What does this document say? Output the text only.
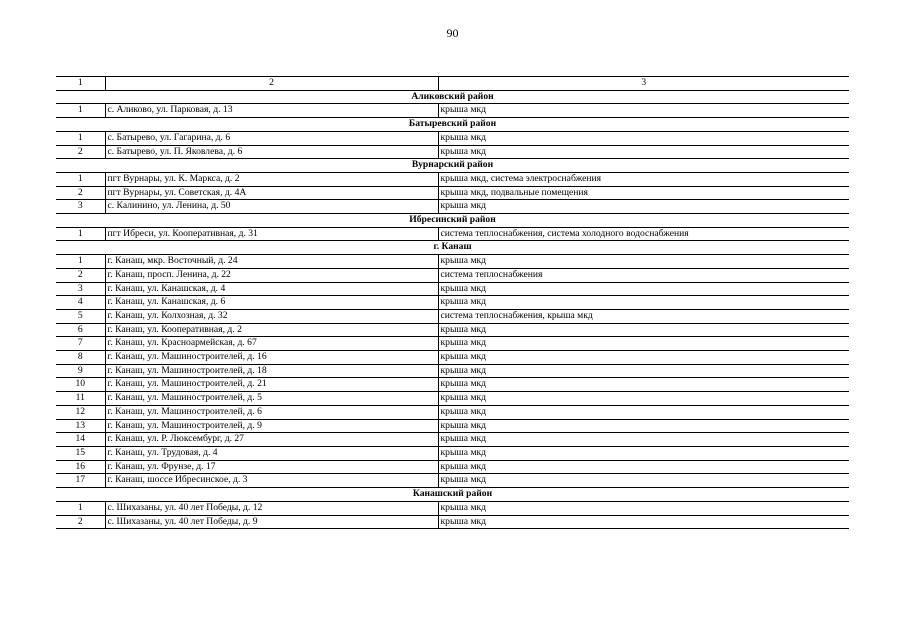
90
1	2	3
Аликовский район		
1	с. Аликово, ул. Парковая, д. 13	крыша мкд
Батыревский район		
1	с. Батырево, ул. Гагарина, д. 6	крыша мкд
2	с. Батырево, ул. П. Яковлева, д. 6	крыша мкд
Вурнарский район		
1	пгт Вурнары, ул. К. Маркса, д. 2	крыша мкд, система электроснабжения
2	пгт Вурнары, ул. Советская, д. 4А	крыша мкд, подвальные помещения
3	с. Калинино, ул. Ленина, д. 50	крыша мкд
Ибресинский район		
1	пгт Ибреси, ул. Кооперативная, д. 31	система теплоснабжения, система холодного водоснабжения
г. Канаш		
1	г. Канаш, мкр. Восточный, д. 24	крыша мкд
2	г. Канаш, просп. Ленина, д. 22	система теплоснабжения
3	г. Канаш, ул. Канашская, д. 4	крыша мкд
4	г. Канаш, ул. Канашская, д. 6	крыша мкд
5	г. Канаш, ул. Колхозная, д. 32	система теплоснабжения, крыша мкд
6	г. Канаш, ул. Кооперативная, д. 2	крыша мкд
7	г. Канаш, ул. Красноармейская, д. 67	крыша мкд
8	г. Канаш, ул. Машиностроителей, д. 16	крыша мкд
9	г. Канаш, ул. Машиностроителей, д. 18	крыша мкд
10	г. Канаш, ул. Машиностроителей, д. 21	крыша мкд
11	г. Канаш, ул. Машиностроителей, д. 5	крыша мкд
12	г. Канаш, ул. Машиностроителей, д. 6	крыша мкд
13	г. Канаш, ул. Машиностроителей, д. 9	крыша мкд
14	г. Канаш, ул. Р. Люксембург, д. 27	крыша мкд
15	г. Канаш, ул. Трудовая, д. 4	крыша мкд
16	г. Канаш, ул. Фрунзе, д. 17	крыша мкд
17	г. Канаш, шоссе Ибресинское, д. 3	крыша мкд
Канашский район		
1	с. Шихазаны, ул. 40 лет Победы, д. 12	крыша мкд
2	с. Шихазаны, ул. 40 лет Победы, д. 9	крыша мкд
